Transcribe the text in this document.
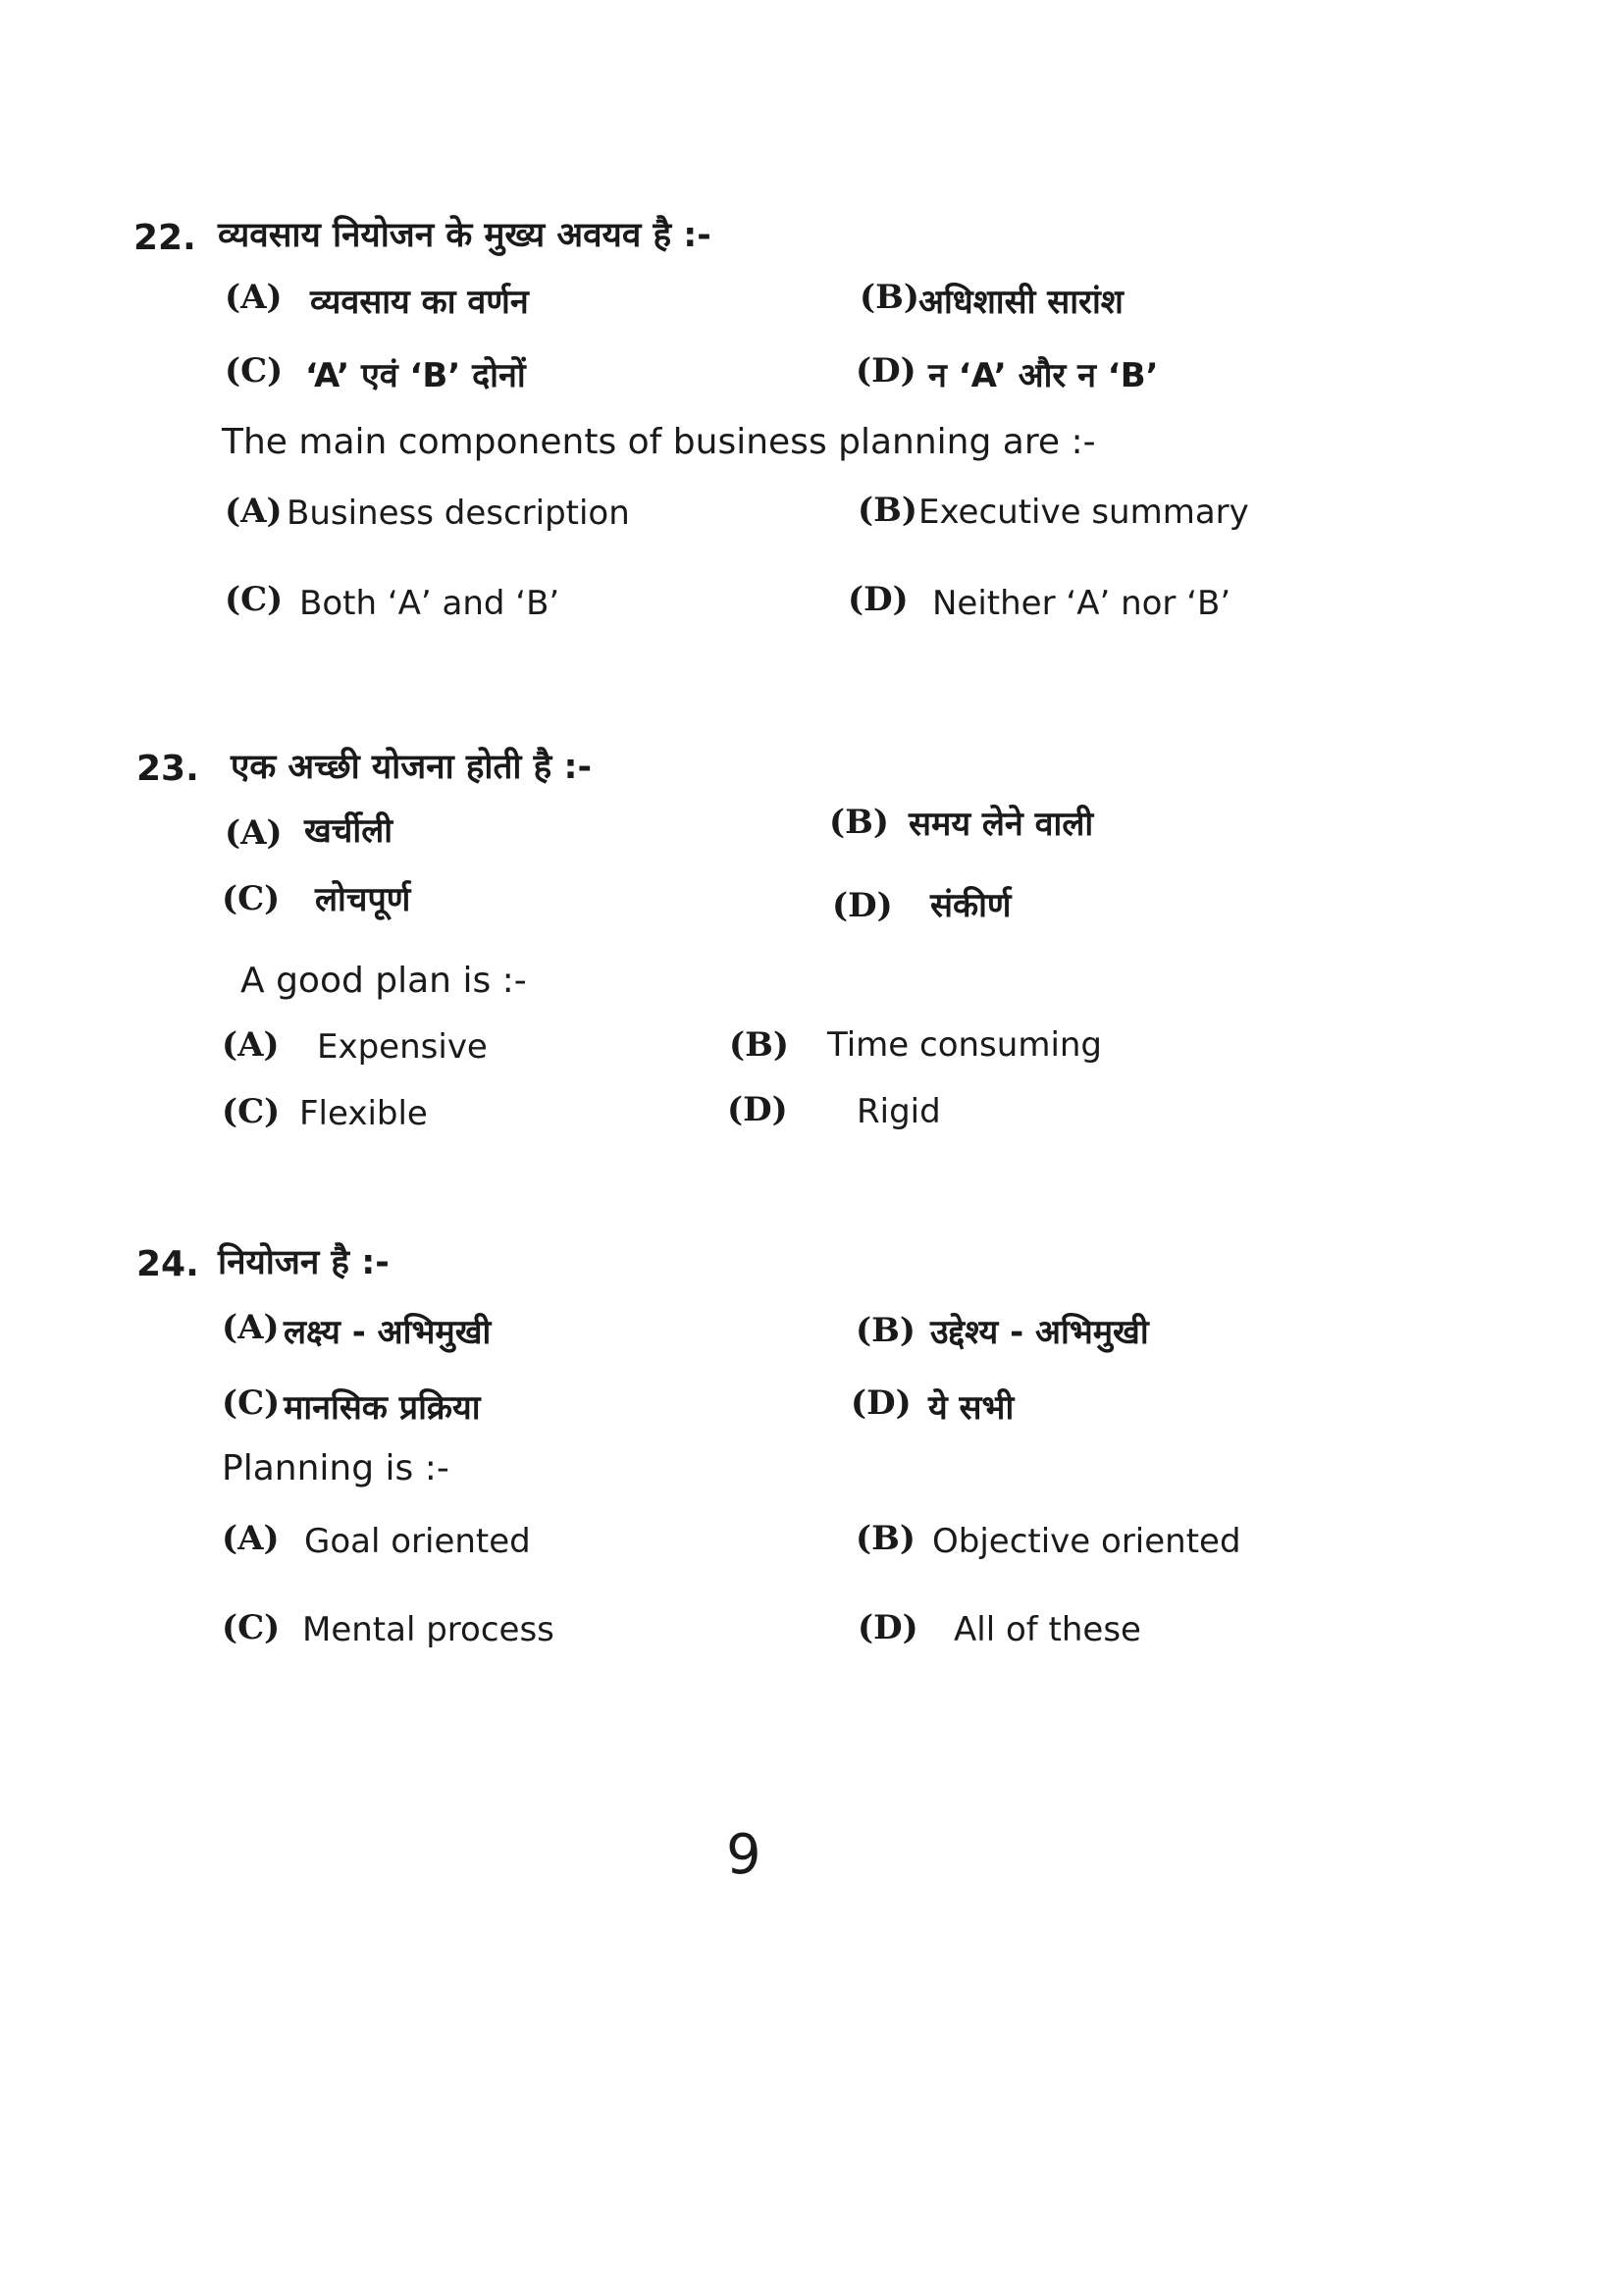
22. व्यवसाय नियोजन के मुख्य अवयव है :-
(A) व्यवसाय का वर्णन	(B) अधिशासी सारांश
(C) ‘A’ एवं ‘B’ दोनों	(D) न ‘A’ और न ‘B’
The main components of business planning are :-
(A) Business description	(B) Executive summary
(C) Both ‘A’ and ‘B’	(D) Neither ‘A’ nor ‘B’
23. एक अच्छी योजना होती है :-
(A) खर्चीली	(B) समय लेने वाली
(C) लोचपूर्ण	(D) संकीर्ण
A good plan is :-
(A) Expensive	(B) Time consuming
(C) Flexible	(D) Rigid
24. नियोजन है :-
(A) लक्ष्य - अभिमुखी	(B) उद्देश्य - अभिमुखी
(C) मानसिक प्रक्रिया	(D) ये सभी
Planning is :-
(A) Goal oriented	(B) Objective oriented
(C) Mental process	(D) All of these
9
